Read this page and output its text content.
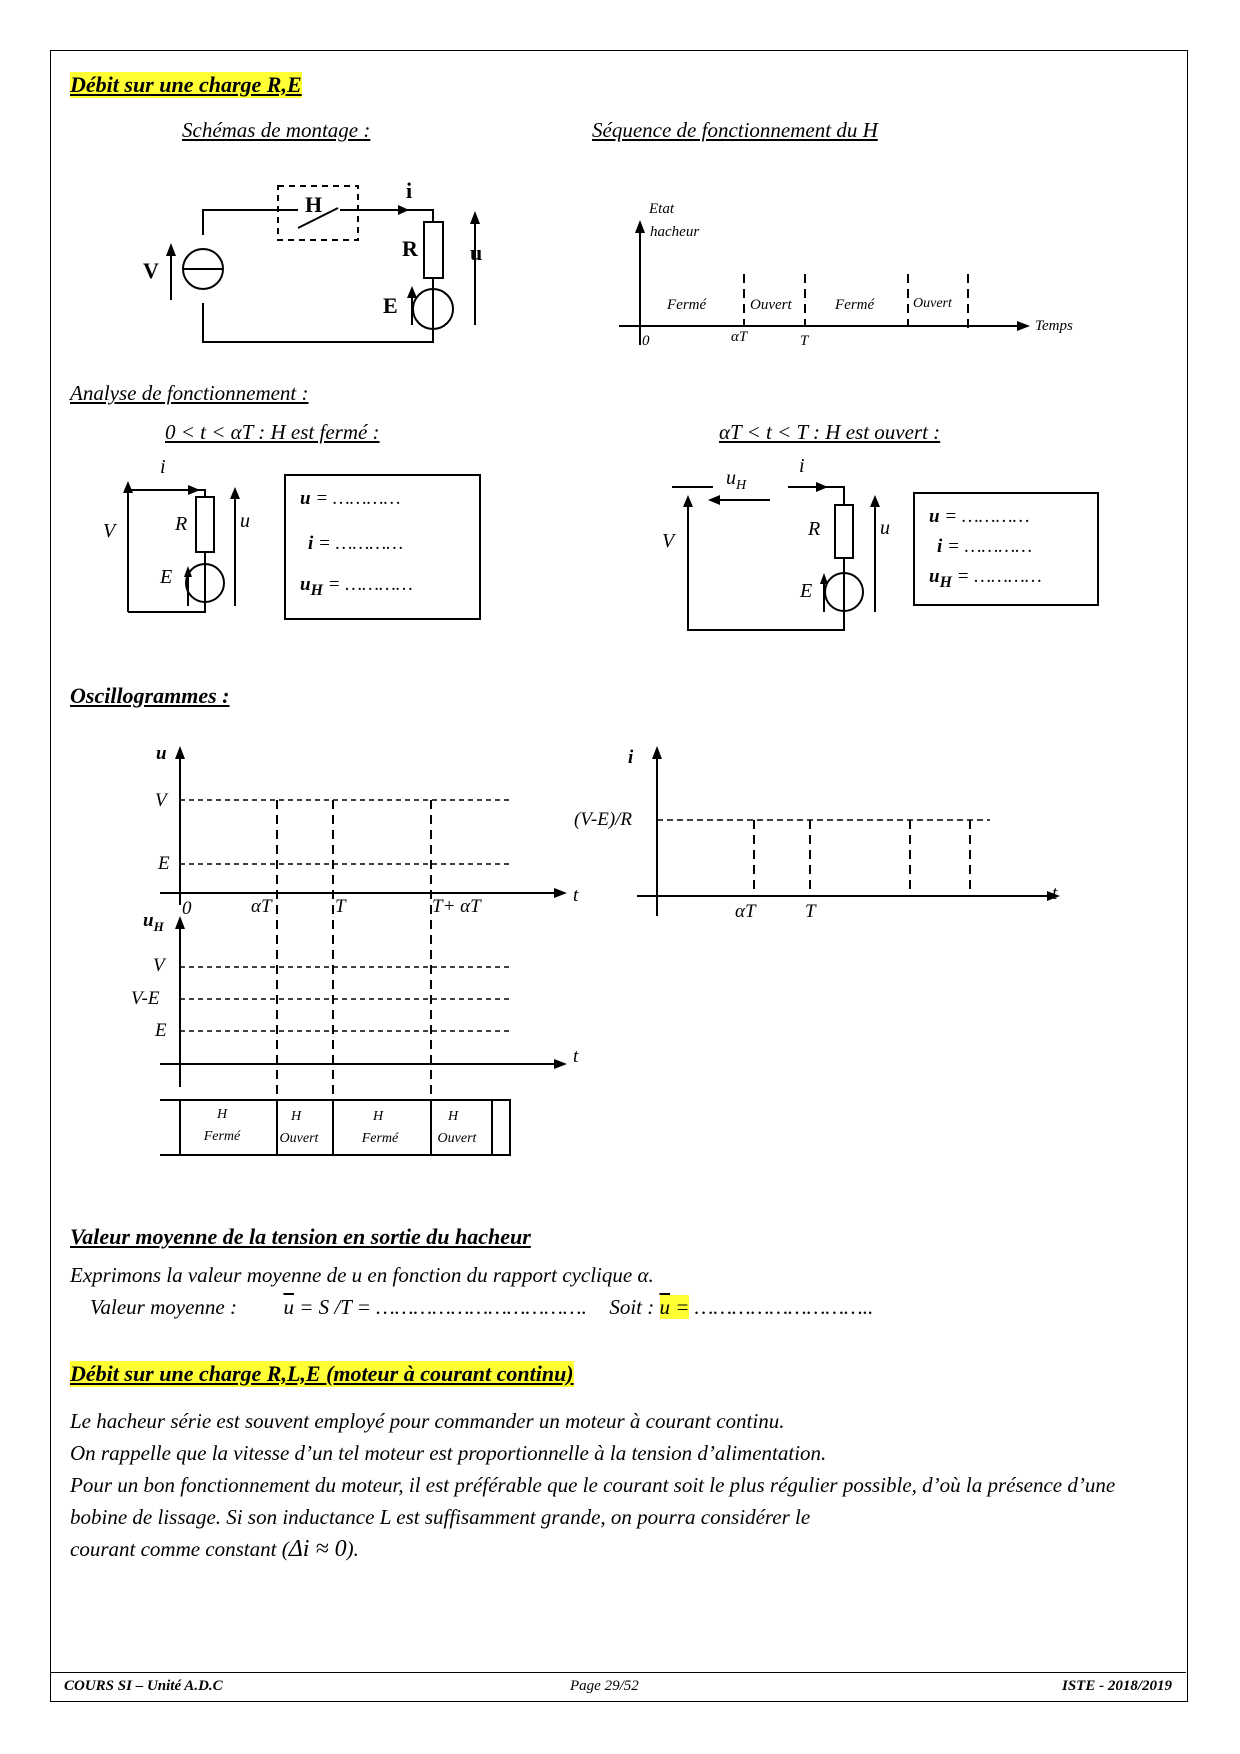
Débit sur une charge R,E
Schémas de montage :	Séquence de fonctionnement du H
H
i
R u
V
E
Etat
hacheur
Temps
Fermé	Ouvert	Fermé	Ouvert
0	αT	T
Analyse de fonctionnement :
0 < t < αT : H est fermé :	αT < t < T : H est ouvert :
i
R	u
V
E
u = …………
i = …………
$u_H$ = …………
$u_H$
i
R	u
V
E
u = …………
i = …………
$u_H$ = …………
Oscillogrammes :
u
t
V
E
0	αT	T	T+ αT
$u_H$
t
V
V-E
E
H
Fermé
H
Ouvert
H
Fermé
H
Ouvert
i
t
(V-E)/R
αT	T
Valeur moyenne de la tension en sortie du hacheur
Exprimons la valeur moyenne de u en fonction du rapport cyclique α.
Valeur moyenne : $\overline{u} = S$ /T = ……………………………. Soit : $\overline{u}$ = ………………………..
Débit sur une charge R,L,E (moteur à courant continu)

Le hacheur série est souvent employé pour commander un moteur à courant continu.

On rappelle que la vitesse d’un tel moteur est proportionnelle à la tension d’alimentation.

Pour un bon fonctionnement du moteur, il est préférable que le courant soit le plus régulier possible, d’où la présence d’une bobine de lissage. Si son inductance L est suffisamment grande, on pourra considérer le

courant comme constant (Δi ≈ 0).

COURS SI – Unité A.D.C	Page 29/52	ISTE - 2018/2019
